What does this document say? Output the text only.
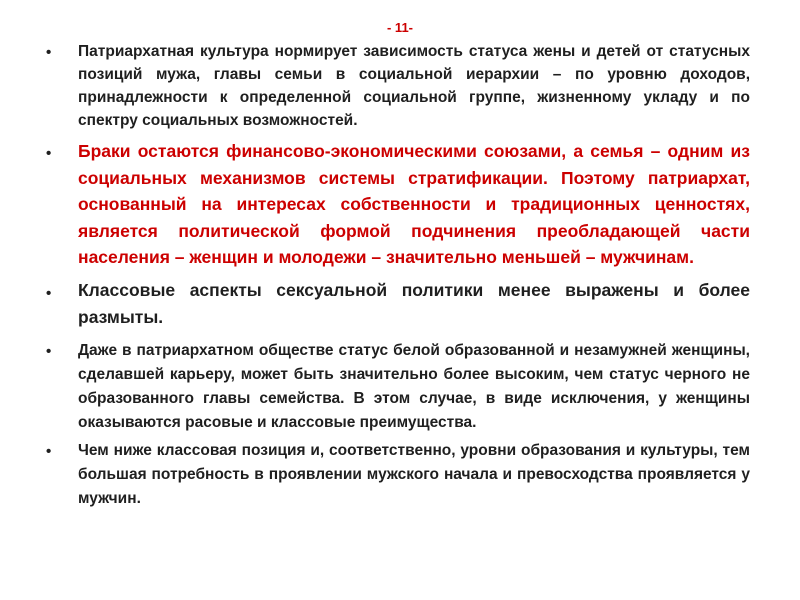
- 11-
• Патриархатная культура нормирует зависимость статуса жены и детей от статусных позиций мужа, главы семьи в социальной иерархии – по уровню доходов, принадлежности к определенной социальной группе, жизненному укладу и по спектру социальных возможностей.
• Браки остаются финансово-экономическими союзами, а семья – одним из социальных механизмов системы стратификации. Поэтому патриархат, основанный на интересах собственности и традиционных ценностях, является политической формой подчинения преобладающей части населения – женщин и молодежи – значительно меньшей – мужчинам.
• Классовые аспекты сексуальной политики менее выражены и более размыты.
• Даже в патриархатном обществе статус белой образованной и незамужней женщины, сделавшей карьеру, может быть значительно более высоким, чем статус черного не образованного главы семейства. В этом случае, в виде исключения, у женщины оказываются расовые и классовые преимущества.
• Чем ниже классовая позиция и, соответственно, уровни образования и культуры, тем большая потребность в проявлении мужского начала и превосходства проявляется у мужчин.
